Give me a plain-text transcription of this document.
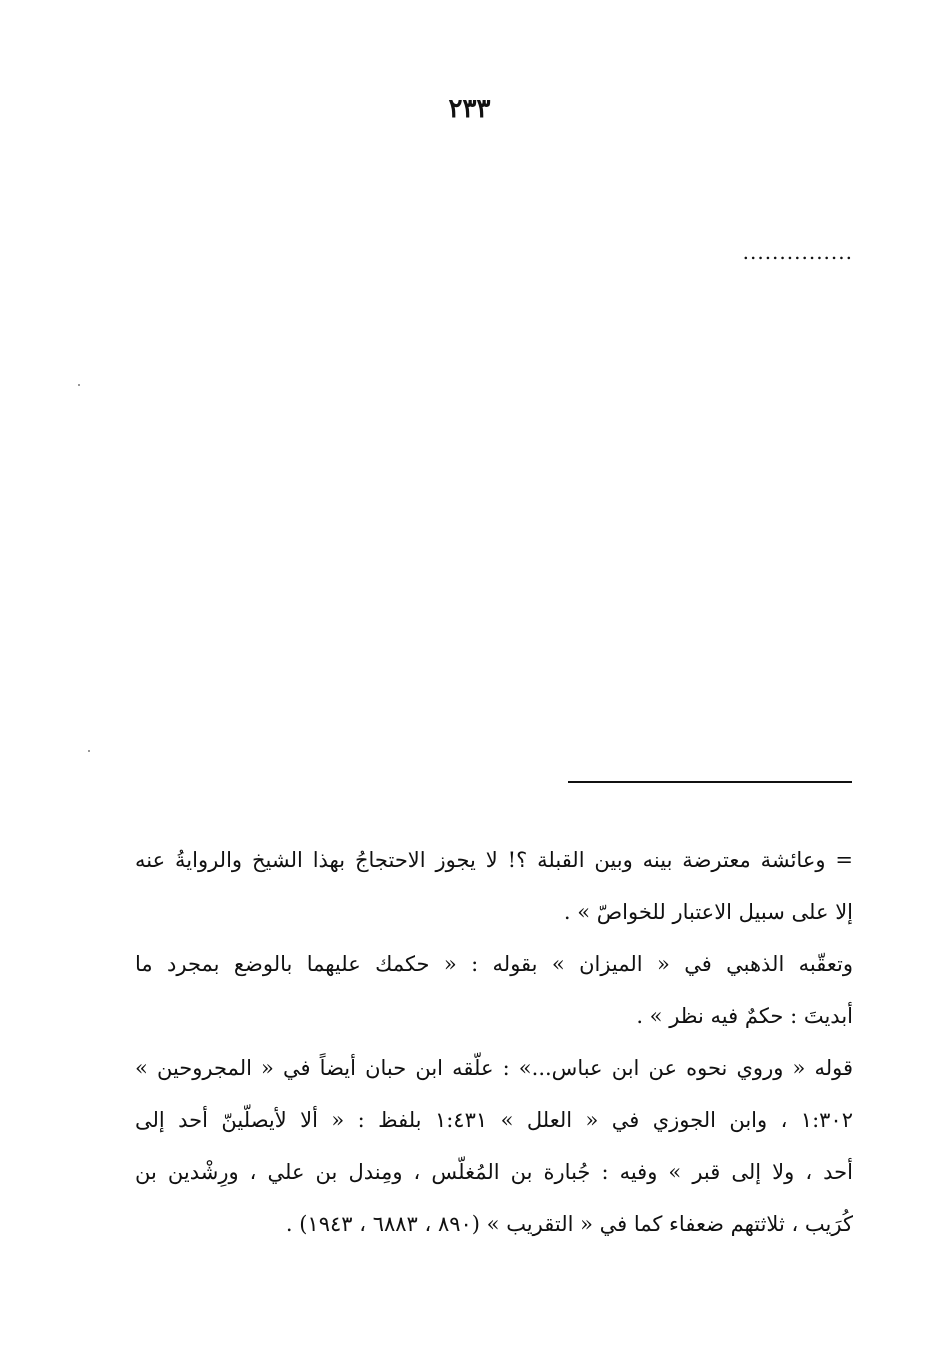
٢٣٣
...............
= وعائشة معترضة بينه وبين القبلة ؟! لا يجوز الاحتجاجُ بهذا الشيخ والروايةُ عنه
إلا على سبيل الاعتبار للخواصّ » .
وتعقّبه الذهبي في « الميزان » بقوله : « حكمك عليهما بالوضع بمجرد ما
أبديتَ : حكمٌ فيه نظر » .
قوله « وروي نحوه عن ابن عباس...» : علّقه ابن حبان أيضاً في « المجروحين »
١:٣٠٢ ، وابن الجوزي في « العلل » ١:٤٣١ بلفظ : « ألا لأيصلّينّ أحد إلى
أحد ، ولا إلى قبر » وفيه : جُبارة بن المُغلّس ، ومِندل بن علي ، ورِشْدين بن
كُرَيب ، ثلاثتهم ضعفاء كما في « التقريب » (٨٩٠ ، ٦٨٨٣ ، ١٩٤٣) .
